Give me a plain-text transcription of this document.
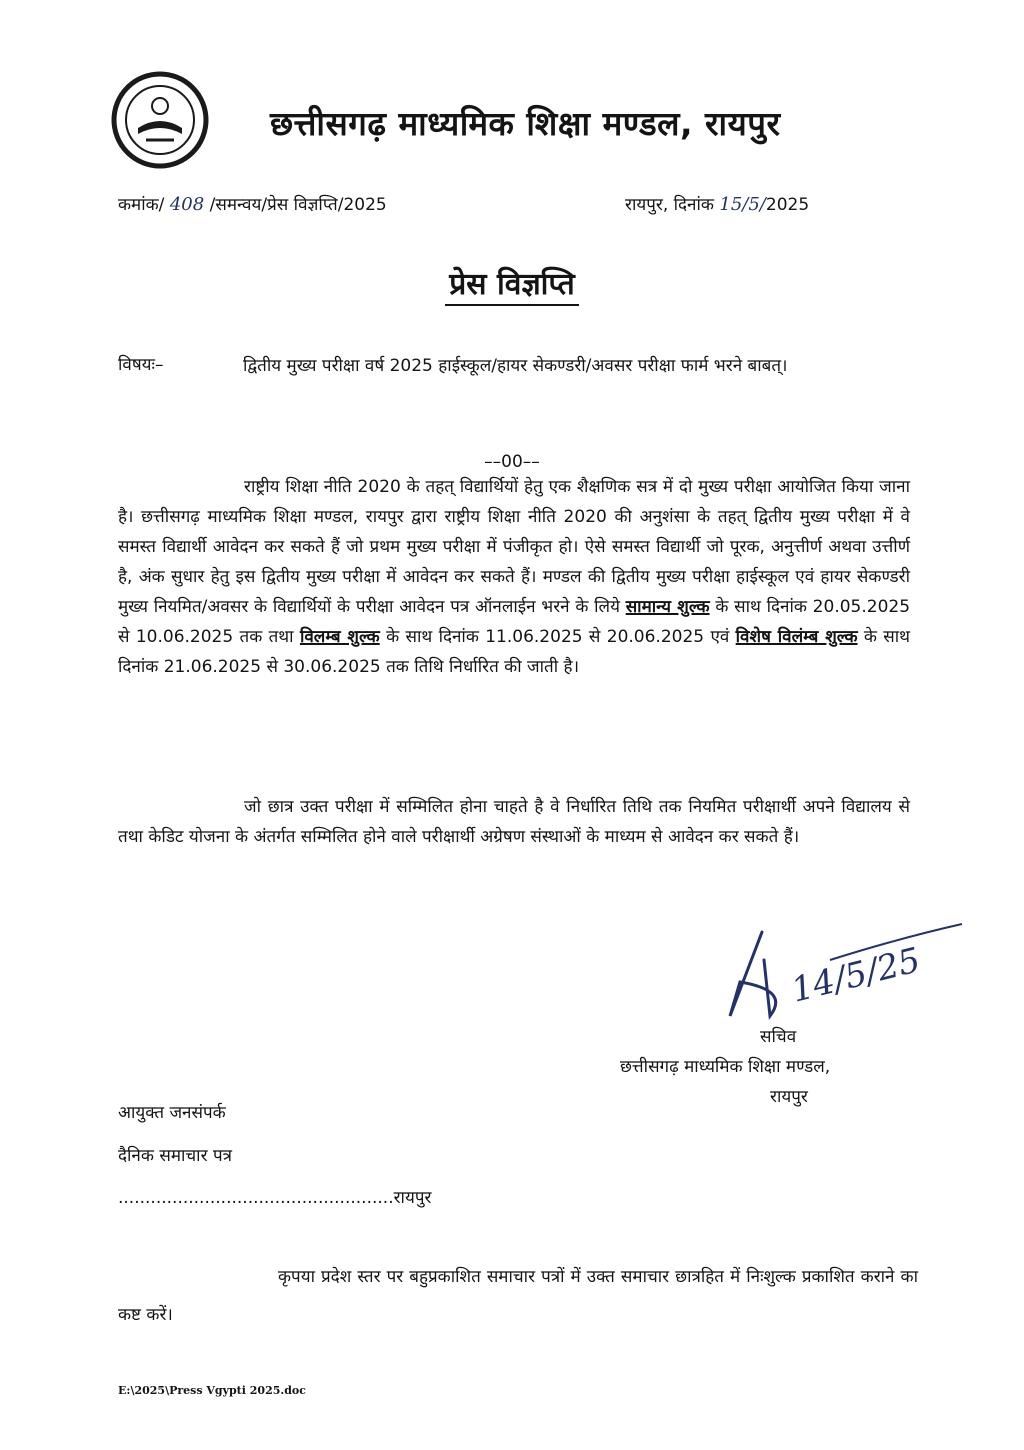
छत्तीसगढ़ माध्यमिक शिक्षा मण्डल, रायपुर
कमांक/ 408 /समन्वय/प्रेस विज्ञप्ति/2025	रायपुर, दिनांक 15/5/2025
प्रेस विज्ञप्ति
विषयः–	द्वितीय मुख्य परीक्षा वर्ष 2025 हाईस्कूल/हायर सेकण्डरी/अवसर परीक्षा फार्म भरने बाबत्।
––00––
राष्ट्रीय शिक्षा नीति 2020 के तहत् विद्यार्थियों हेतु एक शैक्षणिक सत्र में दो मुख्य परीक्षा आयोजित किया जाना है। छत्तीसगढ़ माध्यमिक शिक्षा मण्डल, रायपुर द्वारा राष्ट्रीय शिक्षा नीति 2020 की अनुशंसा के तहत् द्वितीय मुख्य परीक्षा में वे समस्त विद्यार्थी आवेदन कर सकते हैं जो प्रथम मुख्य परीक्षा में पंजीकृत हो। ऐसे समस्त विद्यार्थी जो पूरक, अनुत्तीर्ण अथवा उत्तीर्ण है, अंक सुधार हेतु इस द्वितीय मुख्य परीक्षा में आवेदन कर सकते हैं। मण्डल की द्वितीय मुख्य परीक्षा हाईस्कूल एवं हायर सेकण्डरी मुख्य नियमित/अवसर के विद्यार्थियों के परीक्षा आवेदन पत्र ऑनलाईन भरने के लिये सामान्य शुल्क के साथ दिनांक 20.05.2025 से 10.06.2025 तक तथा विलम्ब शुल्क के साथ दिनांक 11.06.2025 से 20.06.2025 एवं विशेष विलंम्ब शुल्क के साथ दिनांक 21.06.2025 से 30.06.2025 तक तिथि निर्धारित की जाती है।
जो छात्र उक्त परीक्षा में सम्मिलित होना चाहते है वे निर्धारित तिथि तक नियमित परीक्षार्थी अपने विद्यालय से तथा केडिट योजना के अंतर्गत सम्मिलित होने वाले परीक्षार्थी अग्रेषण संस्थाओं के माध्यम से आवेदन कर सकते हैं।
14/5/25
सचिव
छत्तीसगढ़ माध्यमिक शिक्षा मण्डल,
रायपुर
आयुक्त जनसंपर्क
दैनिक समाचार पत्र
...................................................रायपुर
कृपया प्रदेश स्तर पर बहुप्रकाशित समाचार पत्रों में उक्त समाचार छात्रहित में निःशुल्क प्रकाशित कराने का कष्ट करें।
E:\2025\Press Vgypti 2025.doc
